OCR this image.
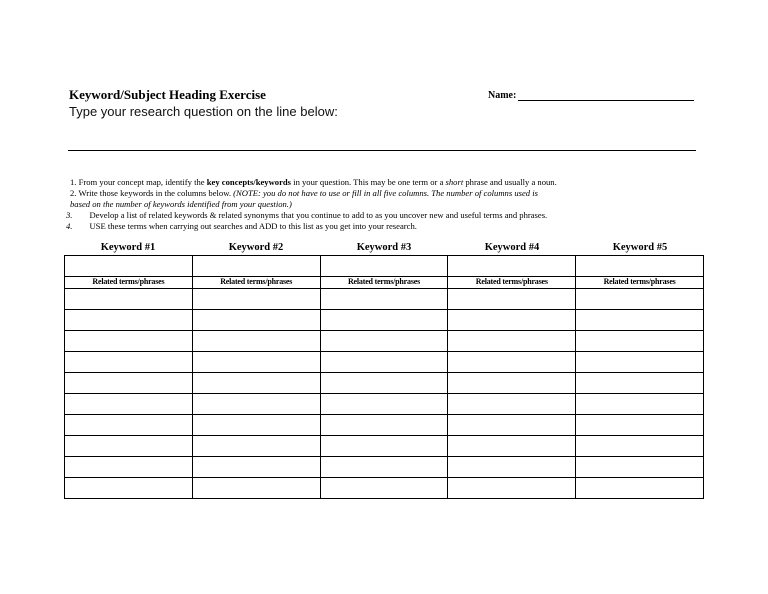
Keyword/Subject Heading Exercise	Name:
Type your research question on the line below:
1. From your concept map, identify the key concepts/keywords in your question. This may be one term or a short phrase and usually a noun.
2. Write those keywords in the columns below. (NOTE: you do not have to use or fill in all five columns. The number of columns used is
based on the number of keywords identified from your question.)
3. Develop a list of related keywords & related synonyms that you continue to add to as you uncover new and useful terms and phrases.
4. USE these terms when carrying out searches and ADD to this list as you get into your research.
Keyword #1	Keyword #2	Keyword #3	Keyword #4	Keyword #5

Related terms/phrases	Related terms/phrases	Related terms/phrases	Related terms/phrases	Related terms/phrases
